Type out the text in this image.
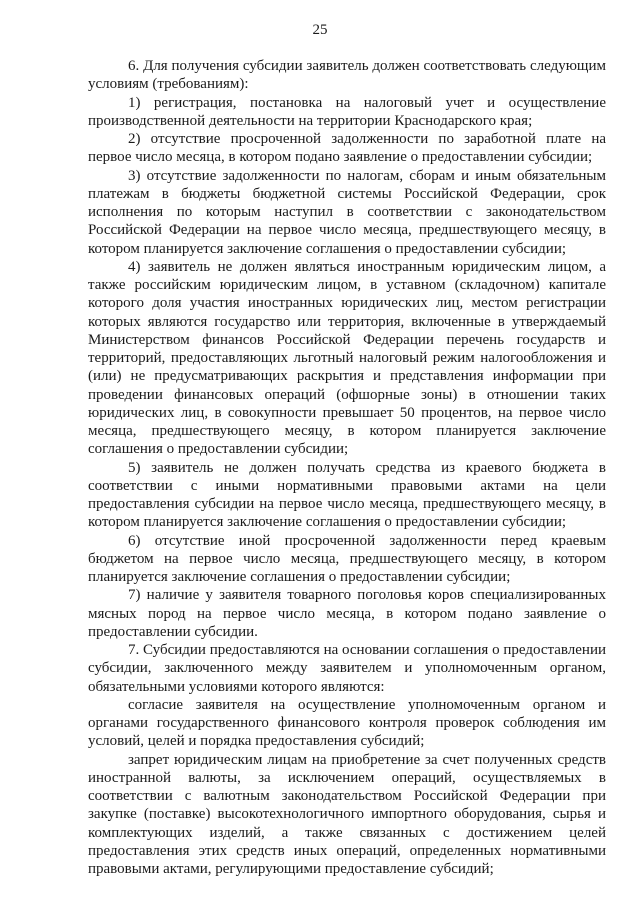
25

6. Для получения субсидии заявитель должен соответствовать следующим условиям (требованиям):

1) регистрация, постановка на налоговый учет и осуществление производственной деятельности на территории Краснодарского края;

2) отсутствие просроченной задолженности по заработной плате на первое число месяца, в котором подано заявление о предоставлении субсидии;

3) отсутствие задолженности по налогам, сборам и иным обязательным платежам в бюджеты бюджетной системы Российской Федерации, срок исполнения по которым наступил в соответствии с законодательством Российской Федерации на первое число месяца, предшествующего месяцу, в котором планируется заключение соглашения о предоставлении субсидии;

4) заявитель не должен являться иностранным юридическим лицом, а также российским юридическим лицом, в уставном (складочном) капитале которого доля участия иностранных юридических лиц, местом регистрации которых являются государство или территория, включенные в утверждаемый Министерством финансов Российской Федерации перечень государств и территорий, предоставляющих льготный налоговый режим налогообложения и (или) не предусматривающих раскрытия и представления информации при проведении финансовых операций (офшорные зоны) в отношении таких юридических лиц, в совокупности превышает 50 процентов, на первое число месяца, предшествующего месяцу, в котором планируется заключение соглашения о предоставлении субсидии;

5) заявитель не должен получать средства из краевого бюджета в соответствии с иными нормативными правовыми актами на цели предоставления субсидии на первое число месяца, предшествующего месяцу, в котором планируется заключение соглашения о предоставлении субсидии;

6) отсутствие иной просроченной задолженности перед краевым бюджетом на первое число месяца, предшествующего месяцу, в котором планируется заключение соглашения о предоставлении субсидии;

7) наличие у заявителя товарного поголовья коров специализированных мясных пород на первое число месяца, в котором подано заявление о предоставлении субсидии.

7. Субсидии предоставляются на основании соглашения о предоставлении субсидии, заключенного между заявителем и уполномоченным органом, обязательными условиями которого являются:

согласие заявителя на осуществление уполномоченным органом и органами государственного финансового контроля проверок соблюдения им условий, целей и порядка предоставления субсидий;

запрет юридическим лицам на приобретение за счет полученных средств иностранной валюты, за исключением операций, осуществляемых в соответствии с валютным законодательством Российской Федерации при закупке (поставке) высокотехнологичного импортного оборудования, сырья и комплектующих изделий, а также связанных с достижением целей предоставления этих средств иных операций, определенных нормативными правовыми актами, регулирующими предоставление субсидий;
